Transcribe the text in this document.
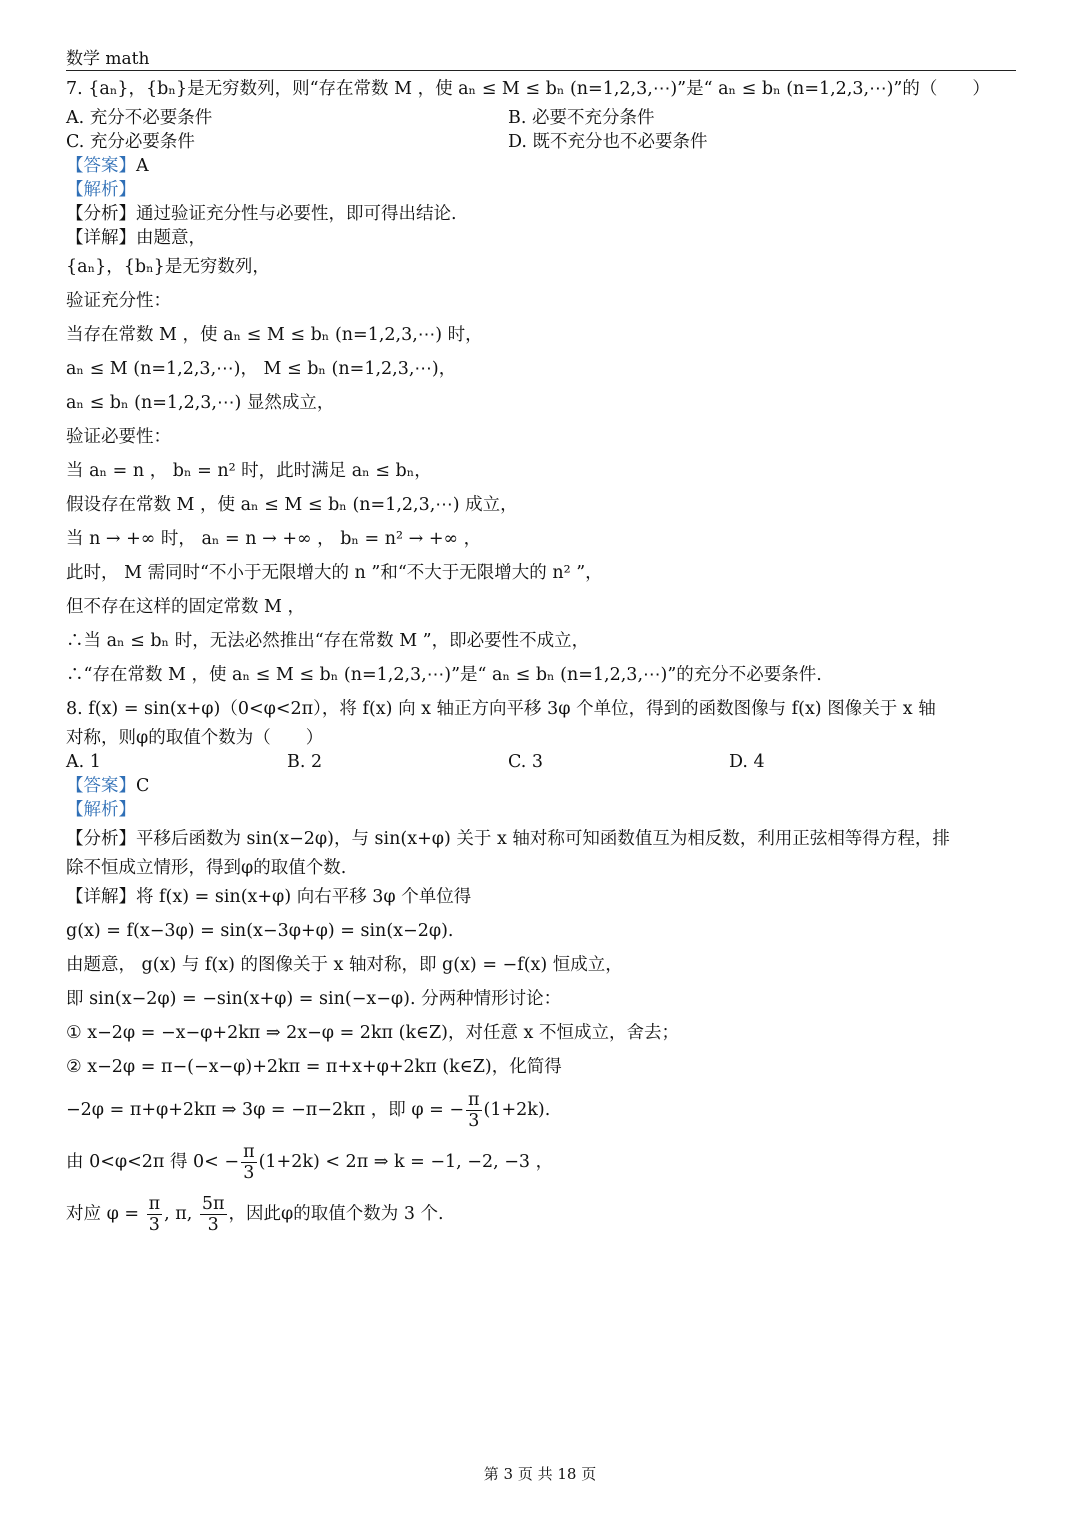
数学 math
7. {aₙ}，{bₙ}是无穷数列，则“存在常数 M ，使 aₙ ≤ M ≤ bₙ (n=1,2,3,⋯)”是“ aₙ ≤ bₙ (n=1,2,3,⋯)”的（　　）
A. 充分不必要条件	B. 必要不充分条件
C. 充分必要条件	D. 既不充分也不必要条件
【答案】A
【解析】
【分析】通过验证充分性与必要性，即可得出结论.
【详解】由题意，
{aₙ}，{bₙ}是无穷数列，
验证充分性：
当存在常数 M ，使 aₙ ≤ M ≤ bₙ (n=1,2,3,⋯) 时，
aₙ ≤ M (n=1,2,3,⋯)， M ≤ bₙ (n=1,2,3,⋯)，
aₙ ≤ bₙ (n=1,2,3,⋯) 显然成立，
验证必要性：
当 aₙ = n ， bₙ = n² 时，此时满足 aₙ ≤ bₙ，
假设存在常数 M ，使 aₙ ≤ M ≤ bₙ (n=1,2,3,⋯) 成立，
当 n → +∞ 时， aₙ = n → +∞ ， bₙ = n² → +∞ ，
此时， M 需同时“不小于无限增大的 n ”和“不大于无限增大的 n² ”，
但不存在这样的固定常数 M ，
∴当 aₙ ≤ bₙ 时，无法必然推出“存在常数 M ”，即必要性不成立，
∴“存在常数 M ，使 aₙ ≤ M ≤ bₙ (n=1,2,3,⋯)”是“ aₙ ≤ bₙ (n=1,2,3,⋯)”的充分不必要条件.
8. f(x) = sin(x+φ)（0<φ<2π），将 f(x) 向 x 轴正方向平移 3φ 个单位，得到的函数图像与 f(x) 图像关于 x 轴
对称，则φ的取值个数为（　　）
A. 1	B. 2	C. 3	D. 4
【答案】C
【解析】
【分析】平移后函数为 sin(x−2φ)，与 sin(x+φ) 关于 x 轴对称可知函数值互为相反数，利用正弦相等得方程，排
除不恒成立情形，得到φ的取值个数.
【详解】将 f(x) = sin(x+φ) 向右平移 3φ 个单位得
g(x) = f(x−3φ) = sin(x−3φ+φ) = sin(x−2φ).
由题意， g(x) 与 f(x) 的图像关于 x 轴对称，即 g(x) = −f(x) 恒成立，
即 sin(x−2φ) = −sin(x+φ) = sin(−x−φ). 分两种情形讨论：
① x−2φ = −x−φ+2kπ ⇒ 2x−φ = 2kπ (k∈Z)，对任意 x 不恒成立，舍去；
② x−2φ = π−(−x−φ)+2kπ = π+x+φ+2kπ (k∈Z)，化简得
−2φ = π+φ+2kπ ⇒ 3φ = −π−2kπ ，即 φ = − $\frac{\pi}{3} (1+2k)$.
由 0<φ<2π 得 $0< - \frac{\pi}{3} (1+2k) < 2\pi$ ⇒ k = −1, −2, −3 ，
对应 $\varphi = \frac{\pi}{3}$ , π, $\frac{5\pi}{3}$ ，因此φ的取值个数为 3 个.
第 3 页 共 18 页
